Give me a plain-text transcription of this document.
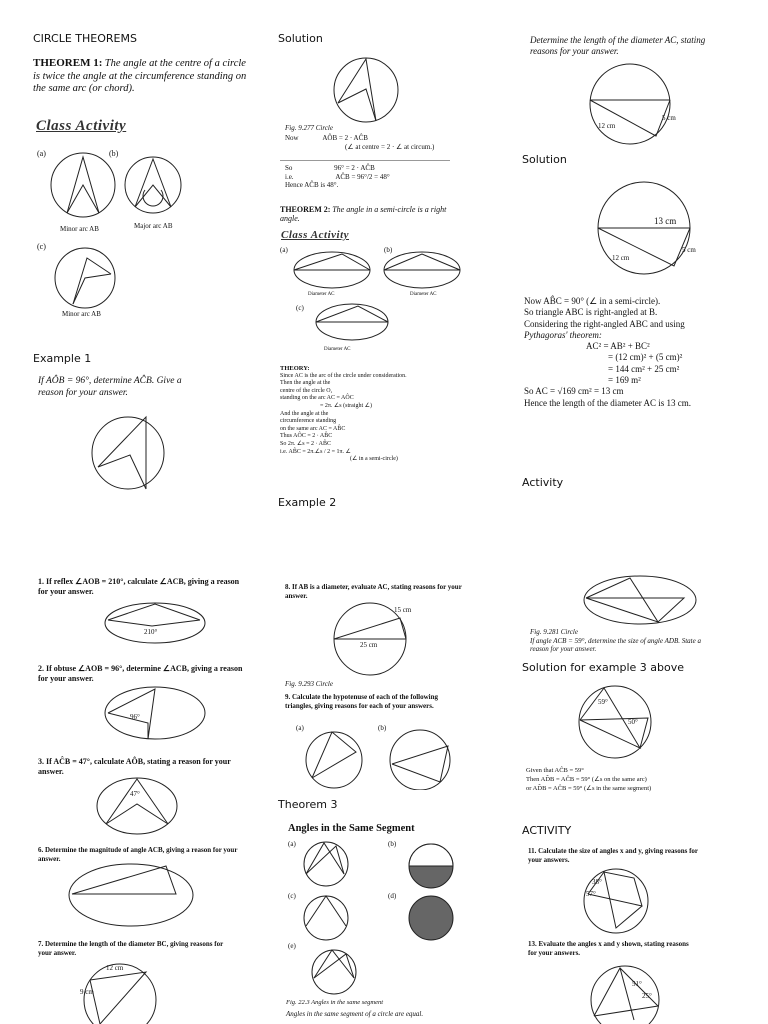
CIRCLE THEOREMS
THEOREM 1: The angle at the centre of a circle is twice the angle at the circumference standing on the same arc (or chord).
Class Activity
(a)	(b)
Minor arc AB	Major arc AB
(c)
Minor arc AB
Example 1
If AÔB = 96°, determine AĈB. Give a reason for your answer.
1. If reflex ∠AOB = 210°, calculate ∠ACB, giving a reason for your answer.
210°
2. If obtuse ∠AOB = 96°, determine ∠ACB, giving a reason for your answer.
96°
3. If AĈB = 47°, calculate AÔB, stating a reason for your answer.
47°
6. Determine the magnitude of angle ACB, giving a reason for your answer.
7. Determine the length of the diameter BC, giving reasons for your answer.
12 cm
9 cm
Solution
Fig. 9.277 Circle
Now	AÔB = 2 · AĈB
(∠ at centre = 2 · ∠ at circum.)
So	96° = 2 · AĈB
i.e.	AĈB = 96°/2 = 48°
Hence AĈB is 48°.
THEOREM 2: The angle in a semi-circle is a right angle.
Class Activity
(a)	(b)
(c)
Diameter AC	Diameter AC
Diameter AC
THEORY:
Since AC is the arc of the circle under consideration.
Then the angle at the
centre of the circle O,
standing on the arc AC = AÔC
= 2π. ∠s (straight ∠)
And the angle at the
circumference standing
on the same arc AC = AB̂C
Thus AÔC = 2 · AB̂C
So 2π. ∠s = 2 · AB̂C
i.e. AB̂C = 2π.∠s / 2 = 1π. ∠
(∠ in a semi-circle)
Example 2
8. If AB is a diameter, evaluate AC, stating reasons for your answer.
15 cm
25 cm
Fig. 9.293 Circle
9. Calculate the hypotenuse of each of the following triangles, giving reasons for each of your answers.
(a)	(b)
Theorem 3
Angles in the Same Segment
(a)	(b)
(c)	(d)
(e)
Fig. 22.3 Angles in the same segment
Angles in the same segment of a circle are equal.
Determine the length of the diameter AC, stating reasons for your answer.
12 cm
5 cm
Solution
13 cm
12 cm
5 cm
Now AB̂C = 90° (∠ in a semi-circle).
So triangle ABC is right-angled at B.
Considering the right-angled ABC and using
Pythagoras' theorem:
AC² = AB² + BC²
= (12 cm)² + (5 cm)²
= 144 cm² + 25 cm²
= 169 m²
So AC = √169 cm² = 13 cm
Hence the length of the diameter AC is 13 cm.
Activity
Fig. 9.281 Circle
If angle ACB = 59°, determine the size of angle ADB. State a reason for your answer.
Solution for example 3 above
59°
50°
Given that AĈB = 59°
Then AD̂B = AĈB = 59° (∠s on the same arc)
or AD̂B = AĈB = 59° (∠s in the same segment)
ACTIVITY
11. Calculate the size of angles x and y, giving reasons for your answers.
38°
57°
13. Evaluate the angles x and y shown, stating reasons for your answers.
51°
25°
